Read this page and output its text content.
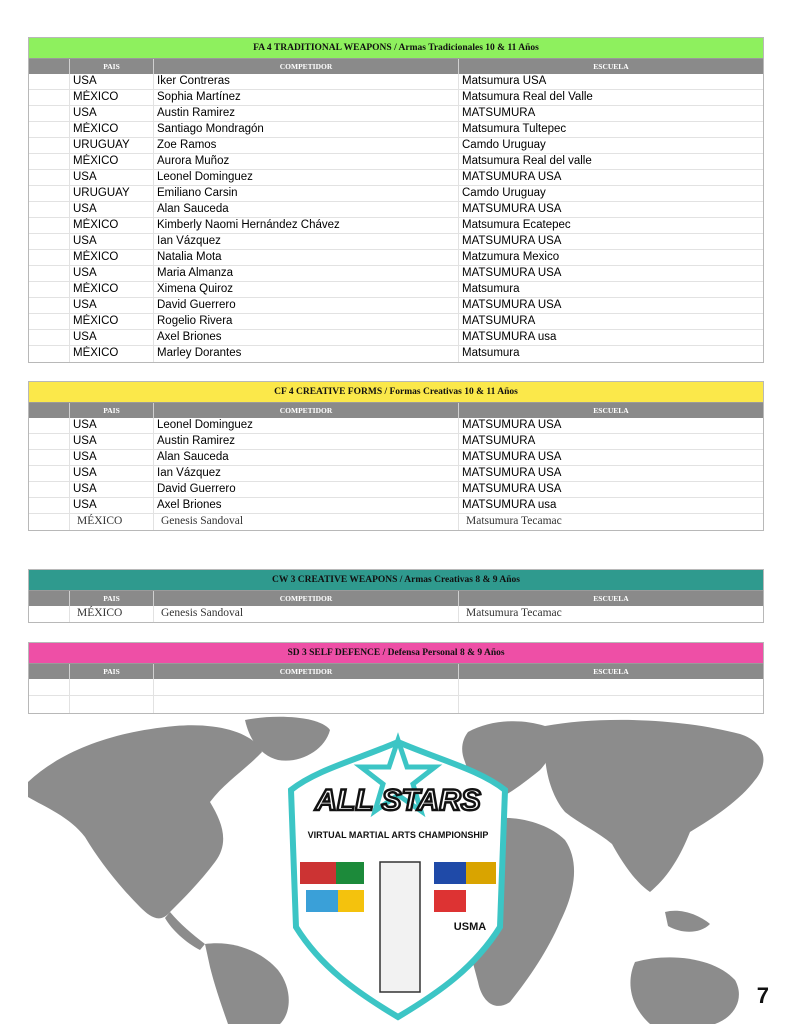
FA 4 TRADITIONAL WEAPONS / Armas Tradicionales 10 & 11 Años
PAIS	COMPETIDOR	ESCUELA
USA	Iker Contreras	Matsumura USA
MÉXICO	Sophia Martínez	Matsumura Real del Valle
USA	Austin Ramirez	MATSUMURA
MÉXICO	Santiago Mondragón	Matsumura Tultepec
URUGUAY	Zoe Ramos	Camdo Uruguay
MÉXICO	Aurora Muñoz	Matsumura Real del valle
USA	Leonel Dominguez	MATSUMURA USA
URUGUAY	Emiliano Carsin	Camdo Uruguay
USA	Alan Sauceda	MATSUMURA USA
MÉXICO	Kimberly Naomi Hernández Chávez	Matsumura Ecatepec
USA	Ian Vázquez	MATSUMURA USA
MÉXICO	Natalia Mota	Matzumura Mexico
USA	Maria Almanza	MATSUMURA USA
MÉXICO	Ximena Quiroz	Matsumura
USA	David Guerrero	MATSUMURA USA
MÉXICO	Rogelio Rivera	MATSUMURA
USA	Axel Briones	MATSUMURA usa
MÉXICO	Marley Dorantes	Matsumura
CF 4 CREATIVE FORMS / Formas Creativas 10 & 11 Años
PAIS	COMPETIDOR	ESCUELA
USA	Leonel Dominguez	MATSUMURA USA
USA	Austin Ramirez	MATSUMURA
USA	Alan Sauceda	MATSUMURA USA
USA	Ian Vázquez	MATSUMURA USA
USA	David Guerrero	MATSUMURA USA
USA	Axel Briones	MATSUMURA usa
MÉXICO	Genesis Sandoval	Matsumura Tecamac
CW 3 CREATIVE WEAPONS / Armas Creativas 8 & 9 Años
PAIS	COMPETIDOR	ESCUELA
MÉXICO	Genesis Sandoval	Matsumura Tecamac
SD 3 SELF DEFENCE / Defensa Personal 8 & 9 Años
PAIS	COMPETIDOR	ESCUELA
ALL STARS
VIRTUAL MARTIAL ARTS CHAMPIONSHIP
USMA
7
